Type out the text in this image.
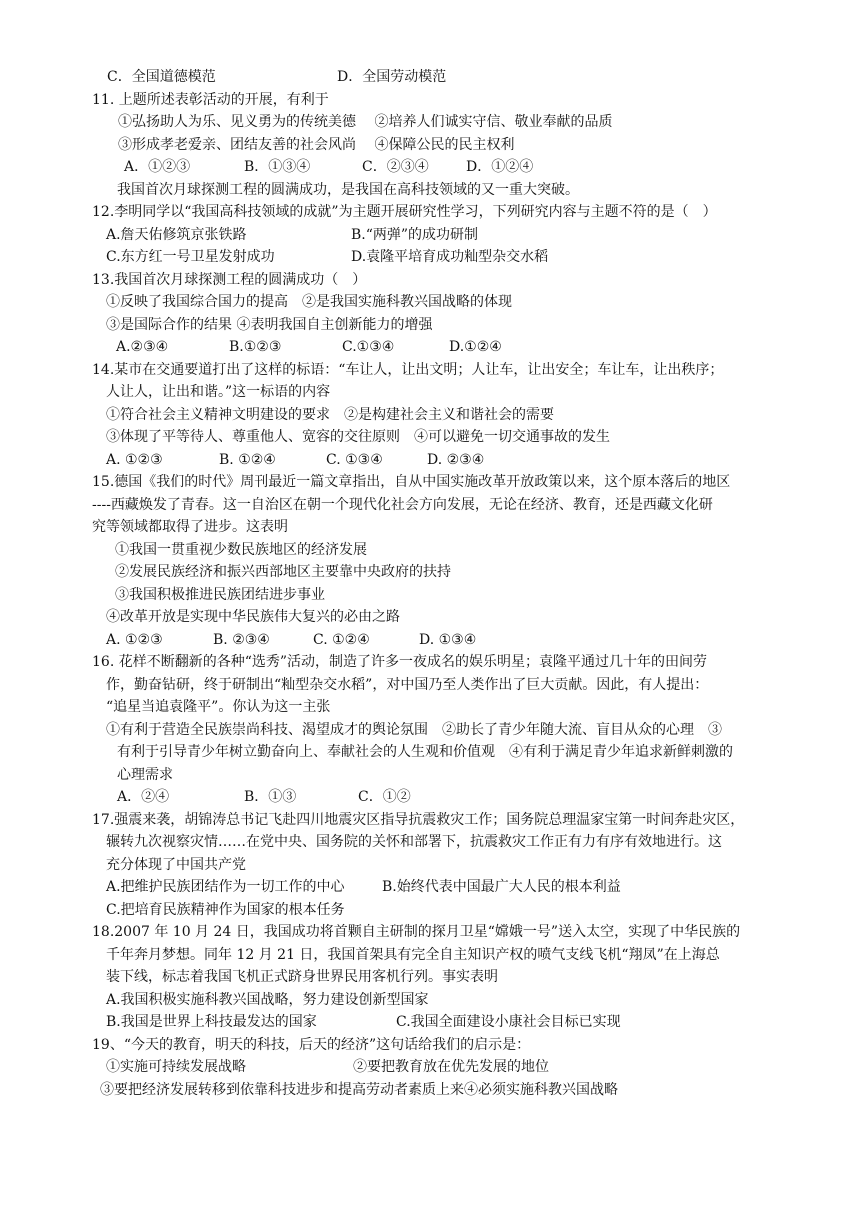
C．全国道德模范	D．全国劳动模范
11. 上题所述表彰活动的开展，有利于
①弘扬助人为乐、见义勇为的传统美德　 ②培养人们诚实守信、敬业奉献的品质
③形成孝老爱亲、团结友善的社会风尚　 ④保障公民的民主权利
A．①②③	B．①③④	C．②③④	D．①②④
我国首次月球探测工程的圆满成功，是我国在高科技领域的又一重大突破。
12.李明同学以“我国高科技领域的成就”为主题开展研究性学习，下列研究内容与主题不符的是（　）
A.詹天佑修筑京张铁路	B.“两弹”的成功研制
C.东方红一号卫星发射成功	D.袁隆平培育成功籼型杂交水稻
13.我国首次月球探测工程的圆满成功（　）
①反映了我国综合国力的提高　②是我国实施科教兴国战略的体现
③是国际合作的结果 ④表明我国自主创新能力的增强
A.②③④	B.①②③	C.①③④	D.①②④
14.某市在交通要道打出了这样的标语：“车让人，让出文明；人让车，让出安全；车让车，让出秩序；
人让人，让出和谐。”这一标语的内容
①符合社会主义精神文明建设的要求　②是构建社会主义和谐社会的需要
③体现了平等待人、尊重他人、宽容的交往原则　④可以避免一切交通事故的发生
A. ①②③	B. ①②④	C. ①③④	D. ②③④
15.德国《我们的时代》周刊最近一篇文章指出，自从中国实施改革开放政策以来，这个原本落后的地区
----西藏焕发了青春。这一自治区在朝一个现代化社会方向发展，无论在经济、教育，还是西藏文化研
究等领域都取得了进步。这表明
①我国一贯重视少数民族地区的经济发展
②发展民族经济和振兴西部地区主要靠中央政府的扶持
③我国积极推进民族团结进步事业
④改革开放是实现中华民族伟大复兴的必由之路
A. ①②③	B. ②③④	C. ①②④	D. ①③④
16. 花样不断翻新的各种“选秀”活动，制造了许多一夜成名的娱乐明星；袁隆平通过几十年的田间劳
作，勤奋钻研，终于研制出“籼型杂交水稻”，对中国乃至人类作出了巨大贡献。因此，有人提出：
“追星当追袁隆平”。你认为这一主张
①有利于营造全民族崇尚科技、渴望成才的舆论氛围　②助长了青少年随大流、盲目从众的心理　③
有利于引导青少年树立勤奋向上、奉献社会的人生观和价值观　④有利于满足青少年追求新鲜刺激的
心理需求
A．②④	B．①③	C．①②
17.强震来袭，胡锦涛总书记飞赴四川地震灾区指导抗震救灾工作；国务院总理温家宝第一时间奔赴灾区，
辗转九次视察灾情……在党中央、国务院的关怀和部署下，抗震救灾工作正有力有序有效地进行。这
充分体现了中国共产党
A.把维护民族团结作为一切工作的中心	B.始终代表中国最广大人民的根本利益
C.把培育民族精神作为国家的根本任务
18.2007 年 10 月 24 日，我国成功将首颗自主研制的探月卫星“嫦娥一号”送入太空，实现了中华民族的
千年奔月梦想。同年 12 月 21 日，我国首架具有完全自主知识产权的喷气支线飞机“翔凤”在上海总
装下线，标志着我国飞机正式跻身世界民用客机行列。事实表明
A.我国积极实施科教兴国战略，努力建设创新型国家
B.我国是世界上科技最发达的国家	C.我国全面建设小康社会目标已实现
19、“今天的教育，明天的科技，后天的经济”这句话给我们的启示是：
①实施可持续发展战略	②要把教育放在优先发展的地位
③要把经济发展转移到依靠科技进步和提高劳动者素质上来④必须实施科教兴国战略
